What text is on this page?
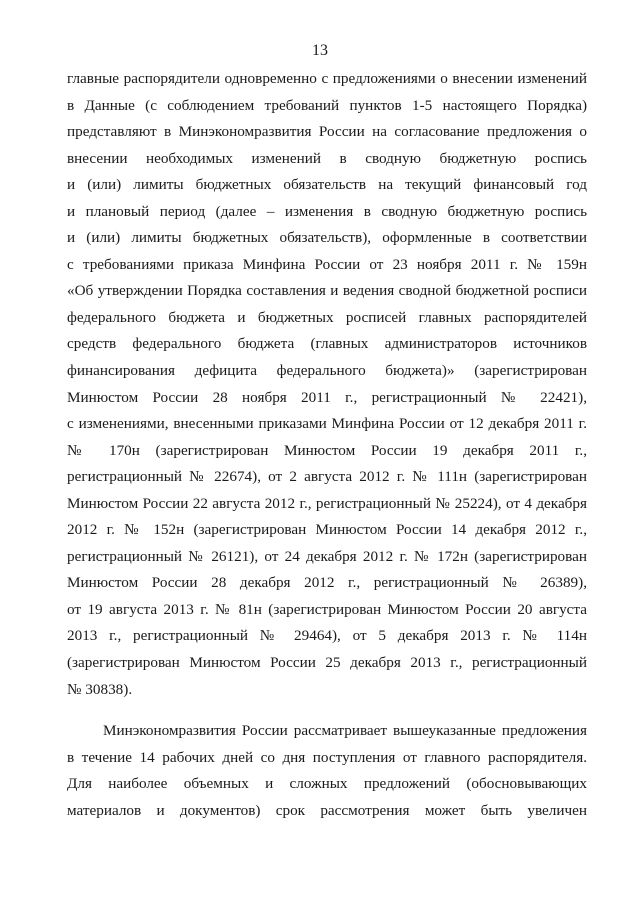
13
главные распорядители одновременно с предложениями о внесении изменений
в Данные (с соблюдением требований пунктов 1-5 настоящего Порядка)
представляют в Минэкономразвития России на согласование предложения о
внесении необходимых изменений в сводную бюджетную роспись
и (или) лимиты бюджетных обязательств на текущий финансовый год
и плановый период (далее – изменения в сводную бюджетную роспись
и (или) лимиты бюджетных обязательств), оформленные в соответствии
с требованиями приказа Минфина России от 23 ноября 2011 г. № 159н
«Об утверждении Порядка составления и ведения сводной бюджетной росписи
федерального бюджета и бюджетных росписей главных распорядителей
средств федерального бюджета (главных администраторов источников
финансирования дефицита федерального бюджета)» (зарегистрирован
Минюстом России 28 ноября 2011 г., регистрационный № 22421),
с изменениями, внесенными приказами Минфина России от 12 декабря 2011 г.
№ 170н (зарегистрирован Минюстом России 19 декабря 2011 г.,
регистрационный № 22674), от 2 августа 2012 г. № 111н (зарегистрирован
Минюстом России 22 августа 2012 г., регистрационный № 25224), от 4 декабря
2012 г. № 152н (зарегистрирован Минюстом России 14 декабря 2012 г.,
регистрационный № 26121), от 24 декабря 2012 г. № 172н (зарегистрирован
Минюстом России 28 декабря 2012 г., регистрационный № 26389),
от 19 августа 2013 г. № 81н (зарегистрирован Минюстом России 20 августа
2013 г., регистрационный № 29464), от 5 декабря 2013 г. № 114н
(зарегистрирован Минюстом России 25 декабря 2013 г., регистрационный
№ 30838).
Минэкономразвития России рассматривает вышеуказанные предложения
в течение 14 рабочих дней со дня поступления от главного распорядителя.
Для наиболее объемных и сложных предложений (обосновывающих
материалов и документов) срок рассмотрения может быть увеличен
